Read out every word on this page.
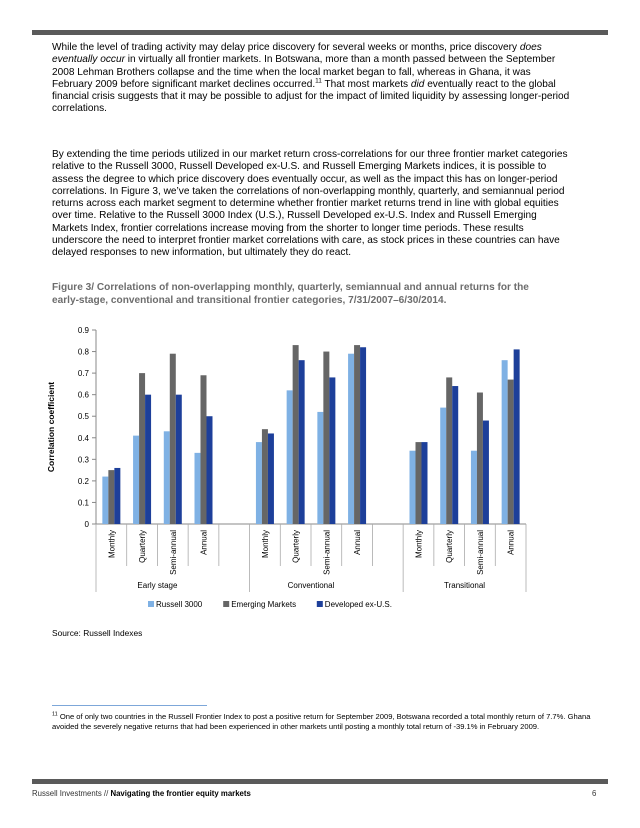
While the level of trading activity may delay price discovery for several weeks or months, price discovery does eventually occur in virtually all frontier markets. In Botswana, more than a month passed between the September 2008 Lehman Brothers collapse and the time when the local market began to fall, whereas in Ghana, it was February 2009 before significant market declines occurred.$^{11}$ That most markets did eventually react to the global financial crisis suggests that it may be possible to adjust for the impact of limited liquidity by assessing longer-period correlations.

By extending the time periods utilized in our market return cross-correlations for our three frontier market categories relative to the Russell 3000, Russell Developed ex-U.S. and Russell Emerging Markets indices, it is possible to assess the degree to which price discovery does eventually occur, as well as the impact this has on longer-period correlations. In Figure 3, we’ve taken the correlations of non-overlapping monthly, quarterly, and semiannual period returns across each market segment to determine whether frontier market returns trend in line with global equities over time. Relative to the Russell 3000 Index (U.S.), Russell Developed ex-U.S. Index and Russell Emerging Markets Index, frontier correlations increase moving from the shorter to longer time periods. These results underscore the need to interpret frontier market correlations with care, as stock prices in these countries can have delayed responses to new information, but ultimately they do react.

Figure 3/ Correlations of non-overlapping monthly, quarterly, semiannual and annual returns for the early-stage, conventional and transitional frontier categories, 7/31/2007–6/30/2014.

0
0.1
0.2
0.3
0.4
0.5
0.6
0.7
0.8
0.9
Correlation coefficient
Monthly	Quarterly	Semi-annual	Annual	Monthly	Quarterly	Semi-annual	Annual	Monthly	Quarterly	Semi-annual	Annual
Early stage	Conventional	Transitional
Russell 3000	Emerging Markets	Developed ex-U.S.
Source: Russell Indexes

$^{11}$ One of only two countries in the Russell Frontier Index to post a positive return for September 2009, Botswana recorded a total monthly return of 7.7%. Ghana avoided the severely negative returns that had been experienced in other markets until posting a monthly total return of -39.1% in February 2009.

Russell Investments // Navigating the frontier equity markets	6
